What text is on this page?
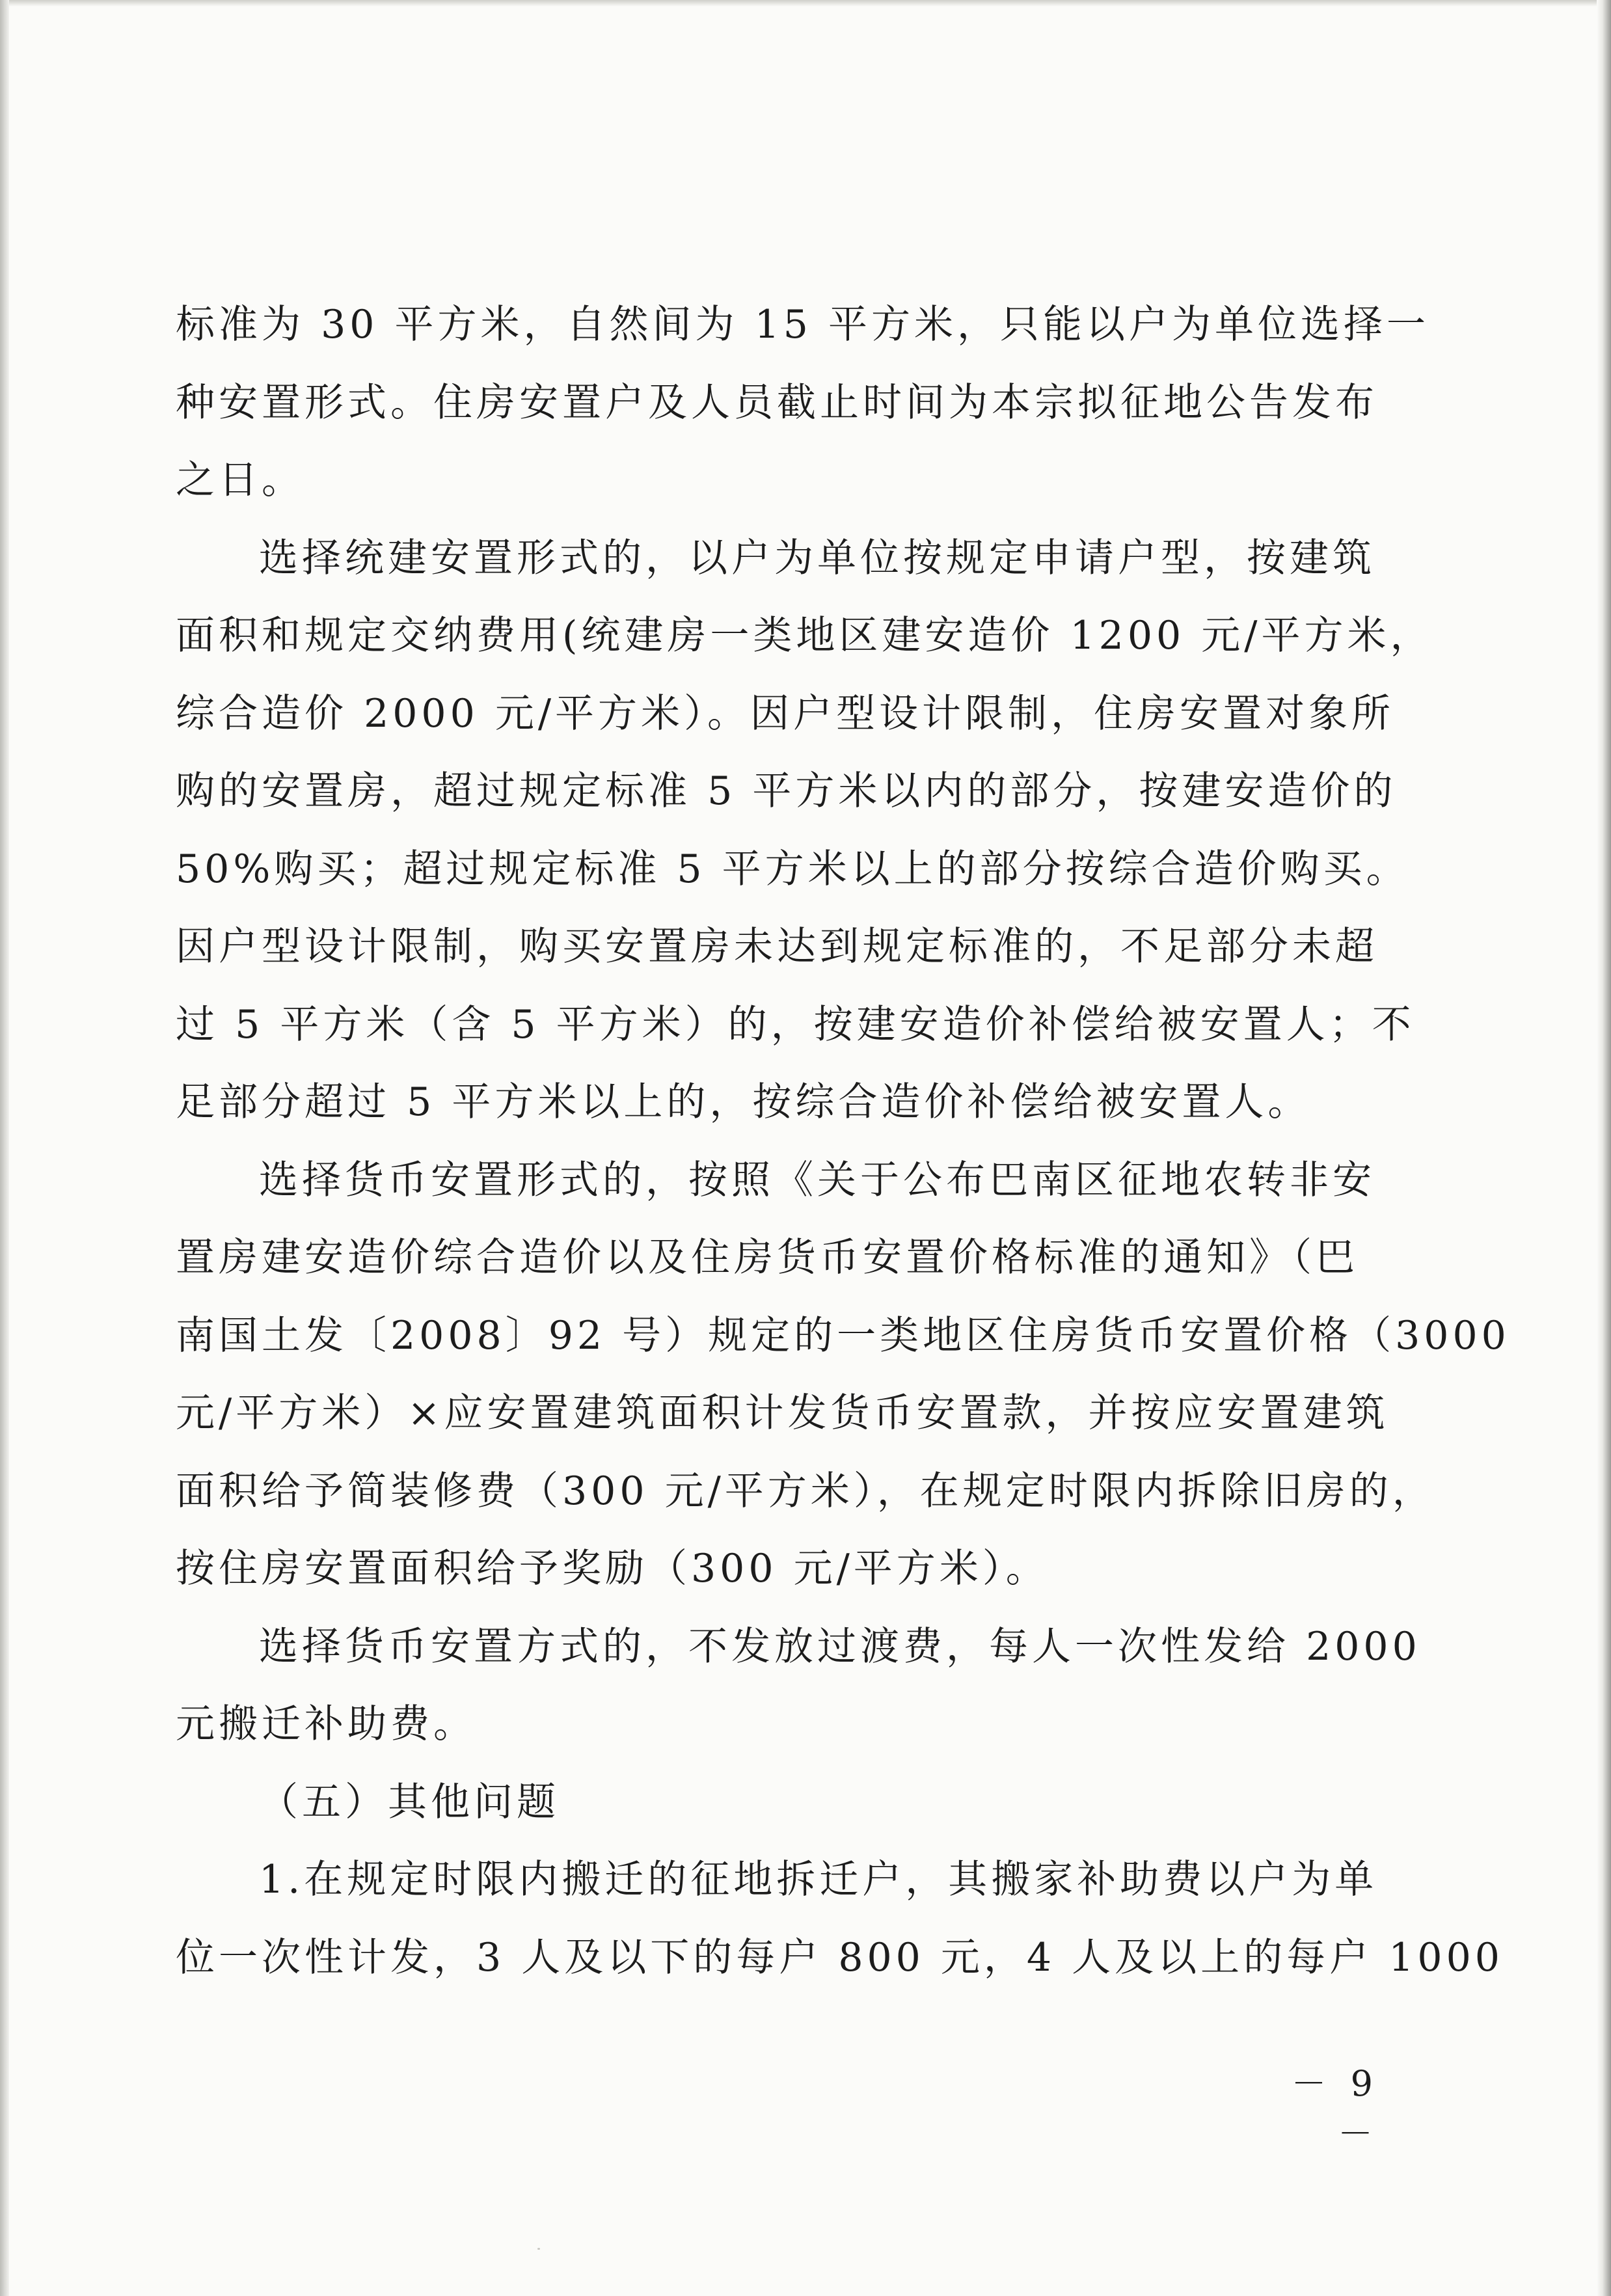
标准为 30 平方米，自然间为 15 平方米，只能以户为单位选择一
种安置形式。住房安置户及人员截止时间为本宗拟征地公告发布
之日。
选择统建安置形式的，以户为单位按规定申请户型，按建筑
面积和规定交纳费用(统建房一类地区建安造价 1200 元/平方米，
综合造价 2000 元/平方米）。因户型设计限制，住房安置对象所
购的安置房，超过规定标准 5 平方米以内的部分，按建安造价的
50%购买；超过规定标准 5 平方米以上的部分按综合造价购买。
因户型设计限制，购买安置房未达到规定标准的，不足部分未超
过 5 平方米（含 5 平方米）的，按建安造价补偿给被安置人；不
足部分超过 5 平方米以上的，按综合造价补偿给被安置人。
选择货币安置形式的，按照《关于公布巴南区征地农转非安
置房建安造价综合造价以及住房货币安置价格标准的通知》（巴
南国土发〔2008〕92 号）规定的一类地区住房货币安置价格（3000
元/平方米）×应安置建筑面积计发货币安置款，并按应安置建筑
面积给予简装修费（300 元/平方米），在规定时限内拆除旧房的，
按住房安置面积给予奖励（300 元/平方米）。
选择货币安置方式的，不发放过渡费，每人一次性发给 2000
元搬迁补助费。
（五）其他问题
1.在规定时限内搬迁的征地拆迁户，其搬家补助费以户为单
位一次性计发，3 人及以下的每户 800 元，4 人及以上的每户 1000
－ 9 －
